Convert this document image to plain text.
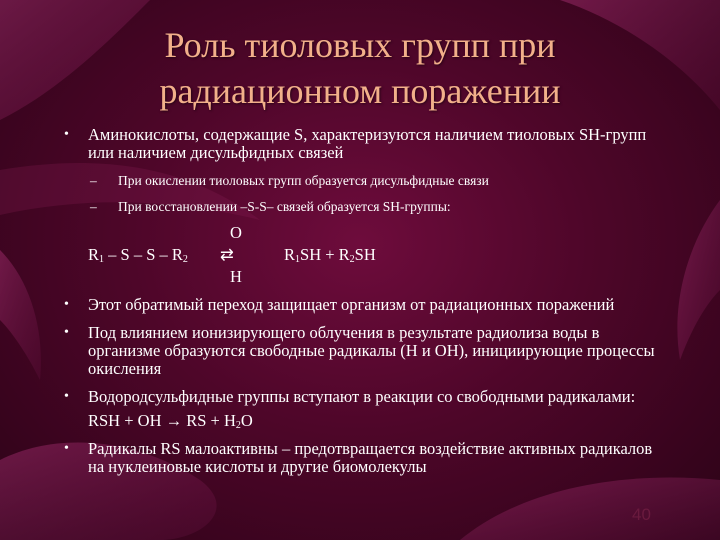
Роль тиоловых групп при
радиационном поражении
• Аминокислоты, содержащие S, характеризуются наличием тиоловых SH-групп или наличием дисульфидных связей
– При окислении тиоловых групп образуется дисульфидные связи
– При восстановлении –S-S– связей образуется SH-группы:
O
$R_1$ – S – S – $R_2$ ⇄	$R_1SH + R_2SH$
H
• Этот обратимый переход защищает организм от радиационных поражений
• Под влиянием ионизирующего облучения в результате радиолиза воды в организме образуются свободные радикалы (Н и ОН), инициирующие процессы окисления
• Водородсульфидные группы вступают в реакции со свободными радикалами:
RSH + OH → RS + $H_2O$
• Радикалы RS малоактивны – предотвращается воздействие активных радикалов на нуклеиновые кислоты и другие биомолекулы
40
